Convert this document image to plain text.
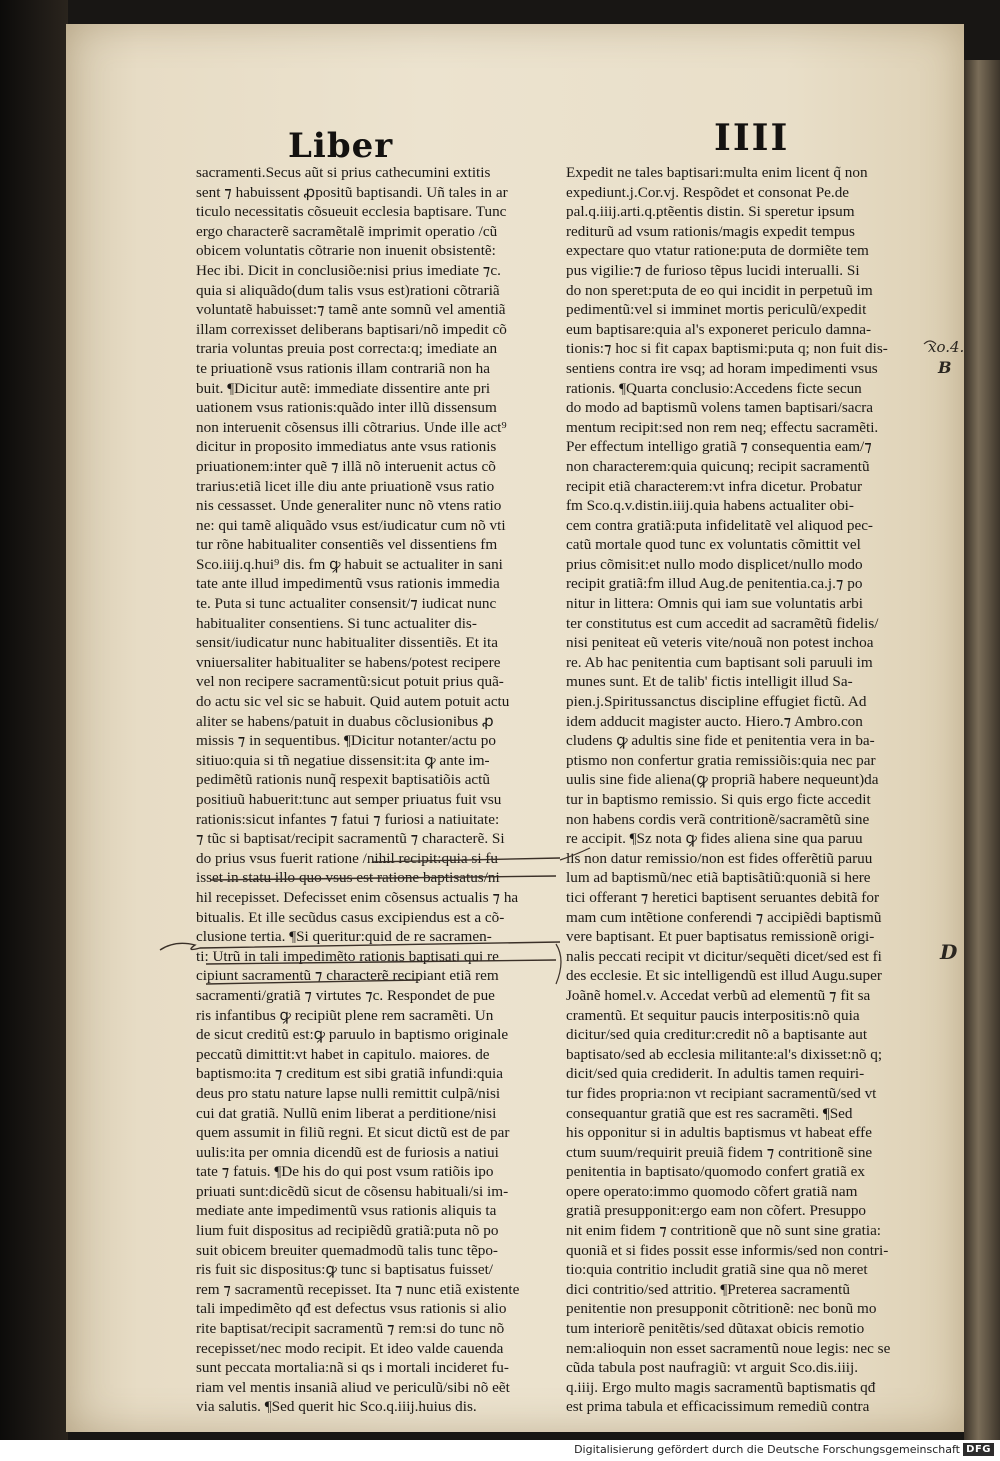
Liber	IIII
sacramenti.Secus aũt si prius cathecumini extitis
sent ⁊ habuissent ꝓpositũ baptisandi. Uñ tales in ar
ticulo necessitatis cõsueuit ecclesia baptisare. Tunc
ergo characterẽ sacramẽtalẽ imprimit operatio /cũ
obicem voluntatis cõtrarie non inuenit obsistentẽ:
Hec ibi. Dicit in conclusiõe:nisi prius imediate ⁊c.
quia si aliquãdo(dum talis vsus est)rationi cõtrariã
voluntatẽ habuisset:⁊ tamẽ ante somnũ vel amentiã
illam correxisset deliberans baptisari/nõ impedit cõ
traria voluntas preuia post correcta:q; imediate an
te priuationẽ vsus rationis illam contrariã non ha
buit. ¶Dicitur autẽ: immediate dissentire ante pri
uationem vsus rationis:quãdo inter illũ dissensum
non interuenit cõsensus illi cõtrarius. Unde ille act⁹
dicitur in proposito immediatus ante vsus rationis
priuationem:inter quẽ ⁊ illã nõ interuenit actus cõ
trarius:etiã licet ille diu ante priuationẽ vsus ratio
nis cessasset. Unde generaliter nunc nõ vtens ratio
ne: qui tamẽ aliquãdo vsus est/iudicatur cum nõ vti
tur rõne habitualiter consentiẽs vel dissentiens fm
Sco.iiij.q.hui⁹ dis. fm ꝙ habuit se actualiter in sani
tate ante illud impedimentũ vsus rationis immedia
te. Puta si tunc actualiter consensit/⁊ iudicat nunc
habitualiter consentiens. Si tunc actualiter dis-
sensit/iudicatur nunc habitualiter dissentiẽs. Et ita
vniuersaliter habitualiter se habens/potest recipere
vel non recipere sacramentũ:sicut potuit prius quã-
do actu sic vel sic se habuit. Quid autem potuit actu
aliter se habens/patuit in duabus cõclusionibus ꝓ
missis ⁊ in sequentibus. ¶Dicitur notanter/actu po
sitiuo:quia si tñ negatiue dissensit:ita ꝙ ante im-
pedimẽtũ rationis nunq̃ respexit baptisatiõis actũ
positiuũ habuerit:tunc aut semper priuatus fuit vsu
rationis:sicut infantes ⁊ fatui ⁊ furiosi a natiuitate:
⁊ tũc si baptisat/recipit sacramentũ ⁊ characterẽ. Si
do prius vsus fuerit ratione /nihil recipit:quia si fu
isset in statu illo quo vsus est ratione baptisatus/ni
hil recepisset. Defecisset enim cõsensus actualis ⁊ ha
bitualis. Et ille secũdus casus excipiendus est a cõ-
clusione tertia. ¶Si queritur:quid de re sacramen-
ti: Utrũ in tali impedimẽto rationis baptisati qui re
cipiunt sacramentũ ⁊ characterẽ recipiant etiã rem
sacramenti/gratiã ⁊ virtutes ⁊c. Respondet de pue
ris infantibus ꝙ recipiũt plene rem sacramẽti. Un
de sicut creditũ est:ꝙ paruulo in baptismo originale
peccatũ dimittit:vt habet in capitulo. maiores. de
baptismo:ita ⁊ creditum est sibi gratiã infundi:quia
deus pro statu nature lapse nulli remittit culpã/nisi
cui dat gratiã. Nullũ enim liberat a perditione/nisi
quem assumit in filiũ regni. Et sicut dictũ est de par
uulis:ita per omnia dicendũ est de furiosis a natiui
tate ⁊ fatuis. ¶De his do qui post vsum ratiõis ipo
priuati sunt:dicẽdũ sicut de cõsensu habituali/si im-
mediate ante impedimentũ vsus rationis aliquis ta
lium fuit dispositus ad recipiẽdũ gratiã:puta nõ po
suit obicem breuiter quemadmodũ talis tunc tẽpo-
ris fuit sic dispositus:ꝙ tunc si baptisatus fuisset/
rem ⁊ sacramentũ recepisset. Ita ⁊ nunc etiã existente
tali impedimẽto qđ est defectus vsus rationis si alio
rite baptisat/recipit sacramentũ ⁊ rem:si do tunc nõ
recepisset/nec modo recipit. Et ideo valde cauenda
sunt peccata mortalia:nã si qs i mortali incideret fu-
riam vel mentis insaniã aliud ve periculũ/sibi nõ eẽt
via salutis. ¶Sed querit hic Sco.q.iiij.huius dis.
Expedit ne tales baptisari:multa enim licent q̃ non
expediunt.j.Cor.vj. Respõdet et consonat Pe.de
pal.q.iiij.arti.q.ptẽentis distin. Si speretur ipsum
rediturũ ad vsum rationis/magis expedit tempus
expectare quo vtatur ratione:puta de dormiẽte tem
pus vigilie:⁊ de furioso tẽpus lucidi interualli. Si
do non speret:puta de eo qui incidit in perpetuũ im
pedimentũ:vel si imminet mortis periculũ/expedit
eum baptisare:quia al's exponeret periculo damna-
tionis:⁊ hoc si fit capax baptismi:puta q; non fuit dis-
sentiens contra ire vsq; ad horam impedimenti vsus
rationis. ¶Quarta conclusio:Accedens ficte secun
do modo ad baptismũ volens tamen baptisari/sacra
mentum recipit:sed non rem neq; effectu sacramẽti.
Per effectum intelligo gratiã ⁊ consequentia eam/⁊
non characterem:quia quicunq; recipit sacramentũ
recipit etiã characterem:vt infra dicetur. Probatur
fm Sco.q.v.distin.iiij.quia habens actualiter obi-
cem contra gratiã:puta infidelitatẽ vel aliquod pec-
catũ mortale quod tunc ex voluntatis cõmittit vel
prius cõmisit:et nullo modo displicet/nullo modo
recipit gratiã:fm illud Aug.de penitentia.ca.j.⁊ po
nitur in littera: Omnis qui iam sue voluntatis arbi
ter constitutus est cum accedit ad sacramẽtũ fidelis/
nisi peniteat eũ veteris vite/nouã non potest inchoa
re. Ab hac penitentia cum baptisant soli paruuli im
munes sunt. Et de talib' fictis intelligit illud Sa-
pien.j.Spiritussanctus discipline effugiet fictũ. Ad
idem adducit magister aucto. Hiero.⁊ Ambro.con
cludens ꝙ adultis sine fide et penitentia vera in ba-
ptismo non confertur gratia remissiõis:quia nec par
uulis sine fide aliena(ꝙ propriã habere nequeunt)da
tur in baptismo remissio. Si quis ergo ficte accedit
non habens cordis verã contritionẽ/sacramẽtũ sine
re accipit. ¶Sz nota ꝙ fides aliena sine qua paruu
lis non datur remissio/non est fides offerẽtiũ paruu
lum ad baptismũ/nec etiã baptisãtiũ:quoniã si here
tici offerant ⁊ heretici baptisent seruantes debitã for
mam cum intẽtione conferendi ⁊ accipiẽdi baptismũ
vere baptisant. Et puer baptisatus remissionẽ origi-
nalis peccati recipit vt dicitur/sequẽti dicet/sed est fi
des ecclesie. Et sic intelligendũ est illud Augu.super
Joãnẽ homel.v. Accedat verbũ ad elementũ ⁊ fit sa
cramentũ. Et sequitur paucis interpositis:nõ quia
dicitur/sed quia creditur:credit nõ a baptisante aut
baptisato/sed ab ecclesia militante:al's dixisset:nõ q;
dicit/sed quia crediderit. In adultis tamen requiri-
tur fides propria:non vt recipiant sacramentũ/sed vt
consequantur gratiã que est res sacramẽti. ¶Sed
his opponitur si in adultis baptismus vt habeat effe
ctum suum/requirit preuiã fidem ⁊ contritionẽ sine
penitentia in baptisato/quomodo confert gratiã ex
opere operato:immo quomodo cõfert gratiã nam
gratiã presupponit:ergo eam non cõfert. Presuppo
nit enim fidem ⁊ contritionẽ que nõ sunt sine gratia:
quoniã et si fides possit esse informis/sed non contri-
tio:quia contritio includit gratiã sine qua nõ meret
dici contritio/sed attritio. ¶Preterea sacramentũ
penitentie non presupponit cõtritionẽ: nec bonũ mo
tum interiorẽ penitẽtis/sed dũtaxat obicis remotio
nem:alioquin non esset sacramentũ noue legis: nec se
cũda tabula post naufragiũ: vt arguit Sco.dis.iiij.
q.iiij. Ergo multo magis sacramentũ baptismatis qđ
est prima tabula et efficacissimum remediũ contra
xo.4.
B
D
Digitalisierung gefördert durch die Deutsche Forschungsgemeinschaft DFG
